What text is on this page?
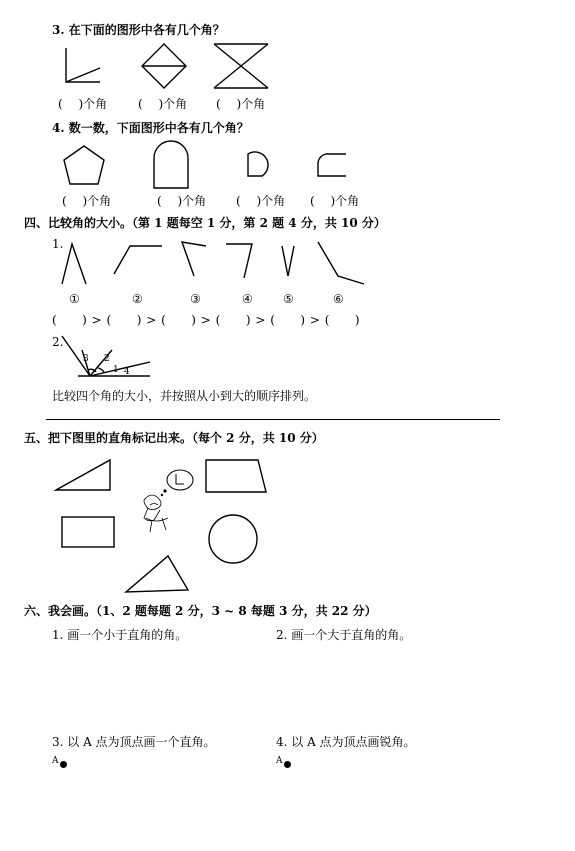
3. 在下面的图形中各有几个角？
(　 )个角	(　 )个角 (　 )个角
4. 数一数，下面图形中各有几个角？
(　 )个角	(　 )个角 (　 )个角 (　 )个角
四、比较角的大小。（第 1 题每空 1 分，第 2 题 4 分，共 10 分）
1.
①	②	③	④	⑤	⑥
(　　) > (　　) > (　　) > (　　) > (　　) > (　　)
2.
3 2
1 4
比较四个角的大小，并按照从小到大的顺序排列。
五、把下图里的直角标记出来。（每个 2 分，共 10 分）
六、我会画。（1、2 题每题 2 分，3 ~ 8 每题 3 分，共 22 分）
1. 画一个小于直角的角。	2. 画一个大于直角的角。
3. 以 A 点为顶点画一个直角。	4. 以 A 点为顶点画锐角。
A	A
